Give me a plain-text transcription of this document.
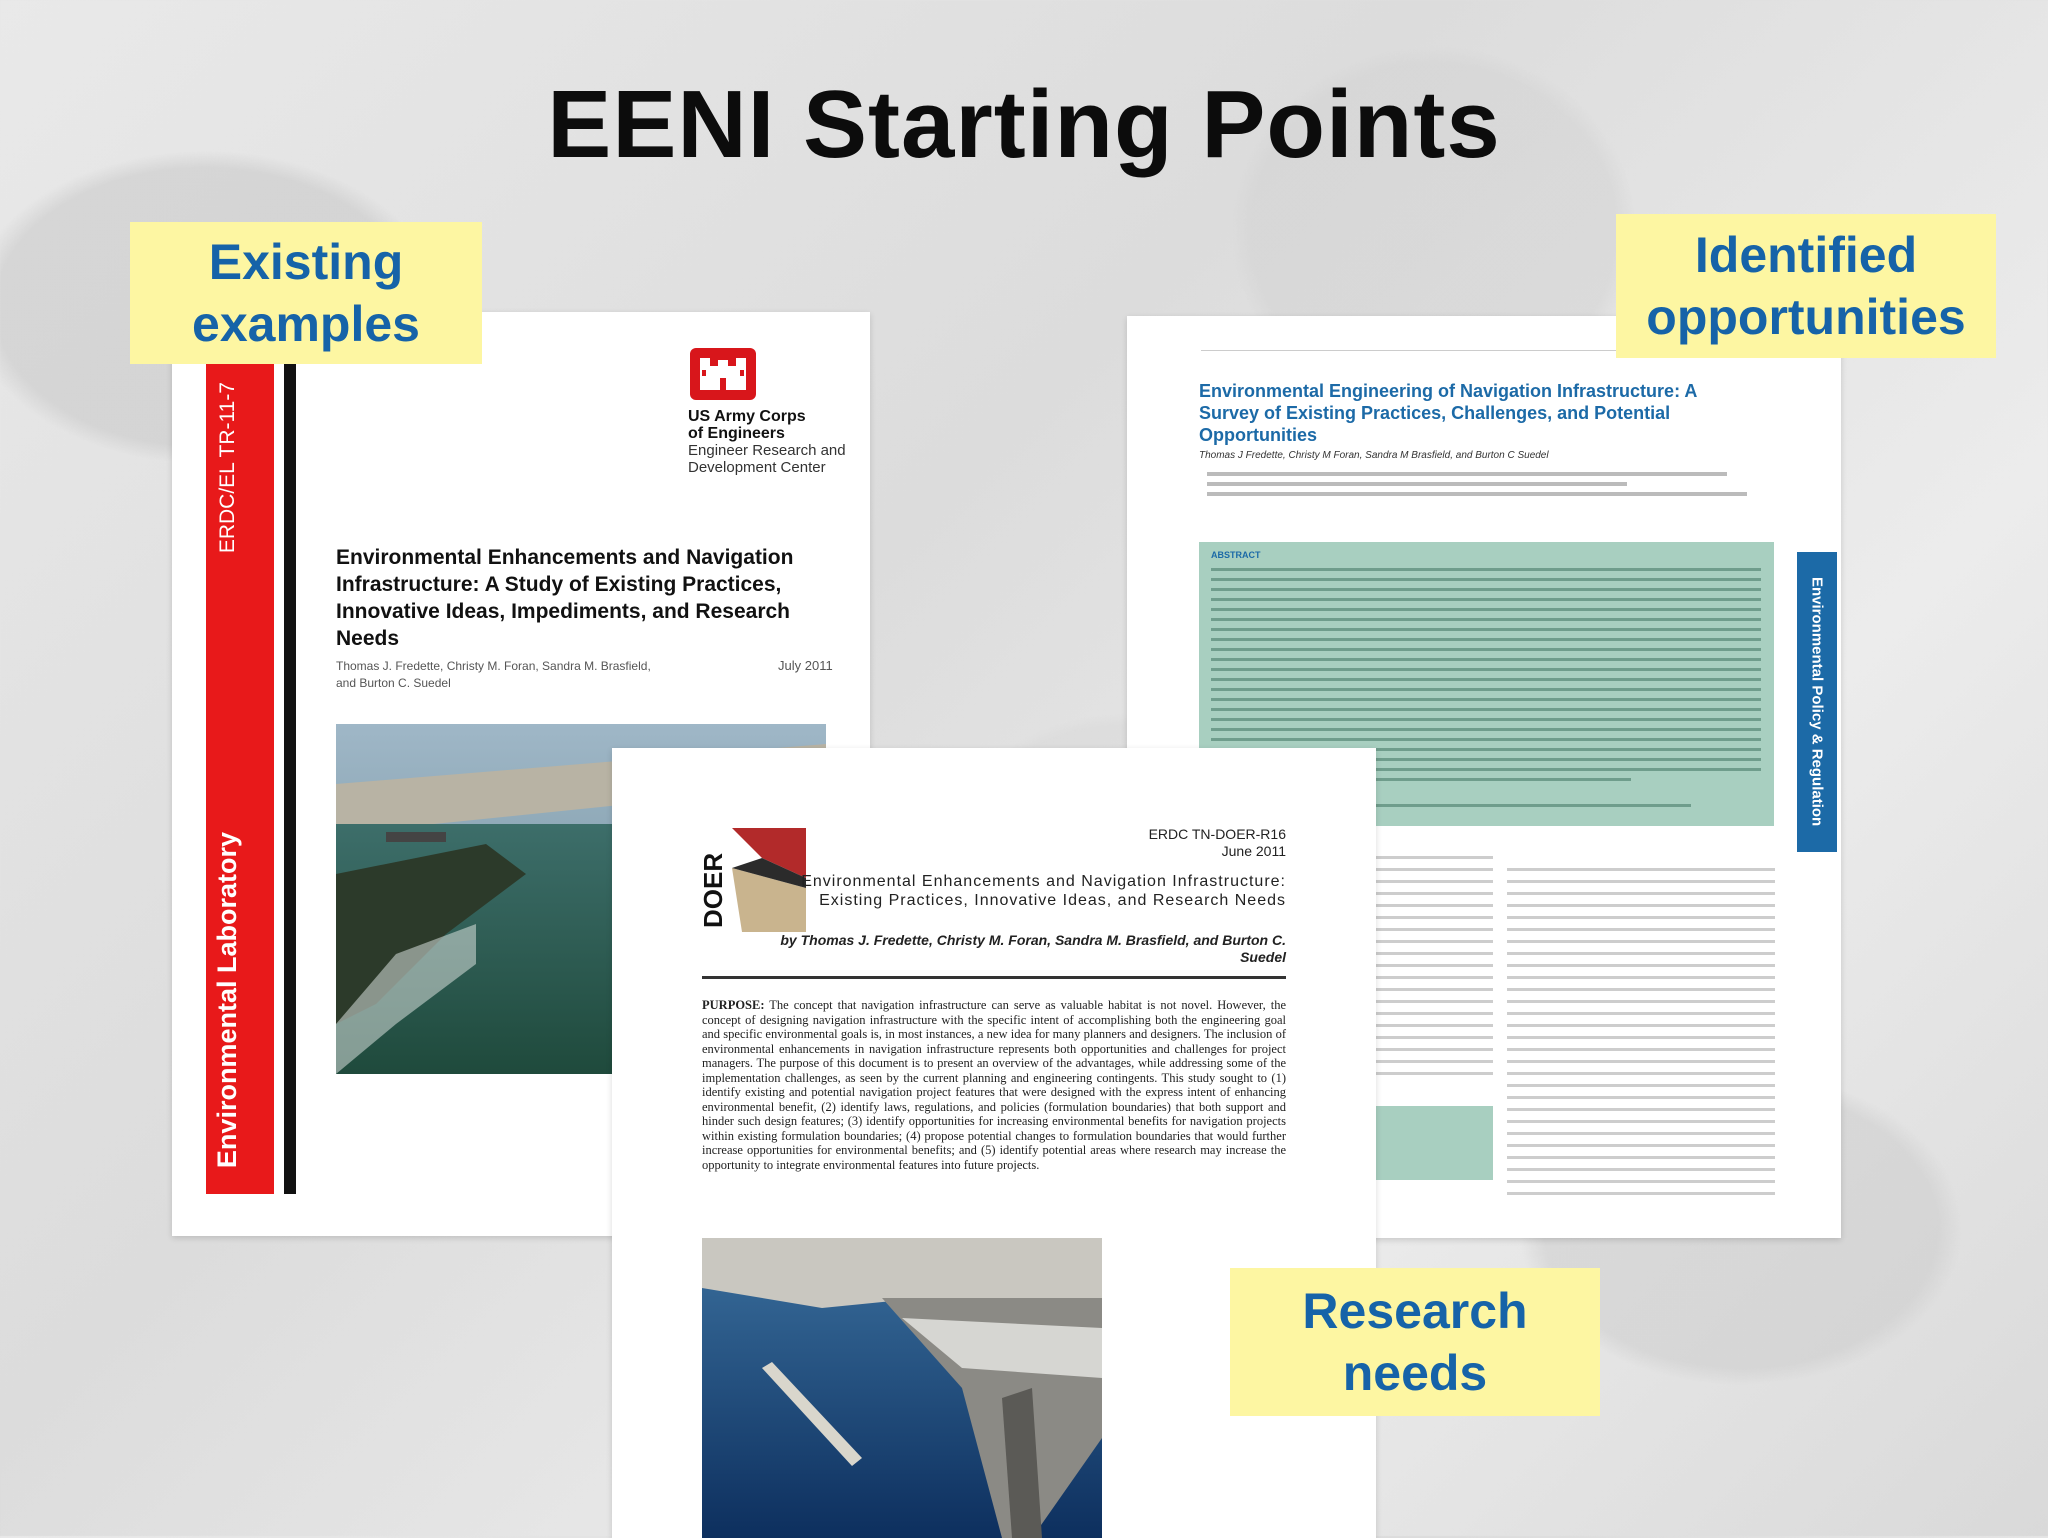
EENI Starting Points
ERDC/EL TR-11-7
Environmental Laboratory
US Army Corps
of Engineers
Engineer Research and
Development Center
Environmental Enhancements and Navigation Infrastructure: A Study of Existing Practices, Innovative Ideas, Impediments, and Research Needs
Thomas J. Fredette, Christy M. Foran, Sandra M. Brasfield,
and Burton C. Suedel
July 2011
Environmental Engineering of Navigation Infrastructure: A Survey of Existing Practices, Challenges, and Potential Opportunities
Thomas J Fredette, Christy M Foran, Sandra M Brasfield, and Burton C Suedel
ABSTRACT
Environmental Policy & Regulation
DOER
ERDC TN-DOER-R16
June 2011
Environmental Enhancements and Navigation Infrastructure: Existing Practices, Innovative Ideas, and Research Needs
by Thomas J. Fredette, Christy M. Foran, Sandra M. Brasfield, and Burton C. Suedel
PURPOSE: The concept that navigation infrastructure can serve as valuable habitat is not novel. However, the concept of designing navigation infrastructure with the specific intent of accomplishing both the engineering goal and specific environmental goals is, in most instances, a new idea for many planners and designers. The inclusion of environmental enhancements in navigation infrastructure represents both opportunities and challenges for project managers. The purpose of this document is to present an overview of the advantages, while addressing some of the implementation challenges, as seen by the current planning and engineering contingents. This study sought to (1) identify existing and potential navigation project features that were designed with the express intent of enhancing environmental benefit, (2) identify laws, regulations, and policies (formulation boundaries) that both support and hinder such design features; (3) identify opportunities for increasing environmental benefits for navigation projects within existing formulation boundaries; (4) propose potential changes to formulation boundaries that would further increase opportunities for environmental benefits; and (5) identify potential areas where research may increase the opportunity to integrate environmental features into future projects.
Existing
examples
Identified
opportunities
Research
needs
